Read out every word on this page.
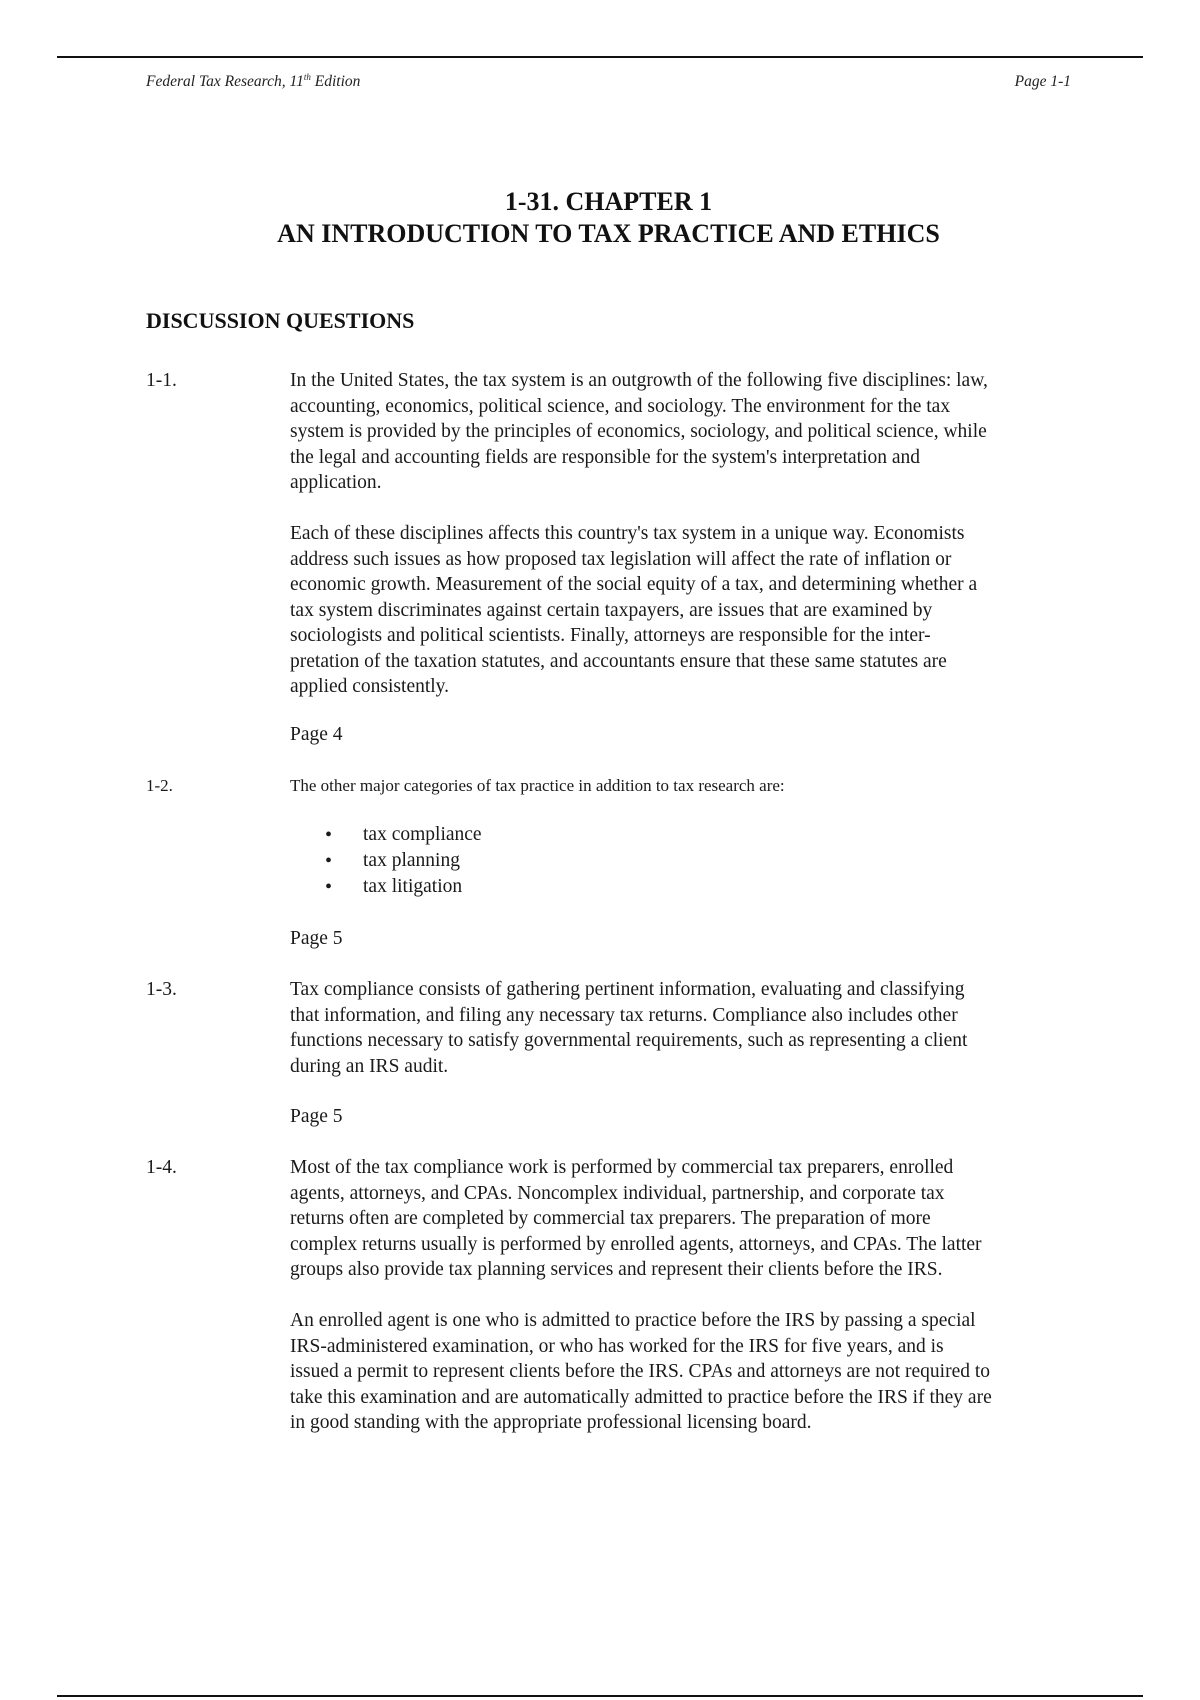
Federal Tax Research, 11th Edition	Page 1-1
1-31. CHAPTER 1
AN INTRODUCTION TO TAX PRACTICE AND ETHICS
DISCUSSION QUESTIONS
1-1.	In the United States, the tax system is an outgrowth of the following five disciplines: law,
accounting, economics, political science, and sociology. The environment for the tax
system is provided by the principles of economics, sociology, and political science, while
the legal and accounting fields are responsible for the system's interpretation and
application.
Each of these disciplines affects this country's tax system in a unique way. Economists
address such issues as how proposed tax legislation will affect the rate of inflation or
economic growth. Measurement of the social equity of a tax, and determining whether a
tax system discriminates against certain taxpayers, are issues that are examined by
sociologists and political scientists. Finally, attorneys are responsible for the inter-
pretation of the taxation statutes, and accountants ensure that these same statutes are
applied consistently.
Page 4
1-2.	The other major categories of tax practice in addition to tax research are:
• tax compliance
• tax planning
• tax litigation
Page 5
1-3.	Tax compliance consists of gathering pertinent information, evaluating and classifying
that information, and filing any necessary tax returns. Compliance also includes other
functions necessary to satisfy governmental requirements, such as representing a client
during an IRS audit.
Page 5
1-4.	Most of the tax compliance work is performed by commercial tax preparers, enrolled
agents, attorneys, and CPAs. Noncomplex individual, partnership, and corporate tax
returns often are completed by commercial tax preparers. The preparation of more
complex returns usually is performed by enrolled agents, attorneys, and CPAs. The latter
groups also provide tax planning services and represent their clients before the IRS.
An enrolled agent is one who is admitted to practice before the IRS by passing a special
IRS-administered examination, or who has worked for the IRS for five years, and is
issued a permit to represent clients before the IRS. CPAs and attorneys are not required to
take this examination and are automatically admitted to practice before the IRS if they are
in good standing with the appropriate professional licensing board.
